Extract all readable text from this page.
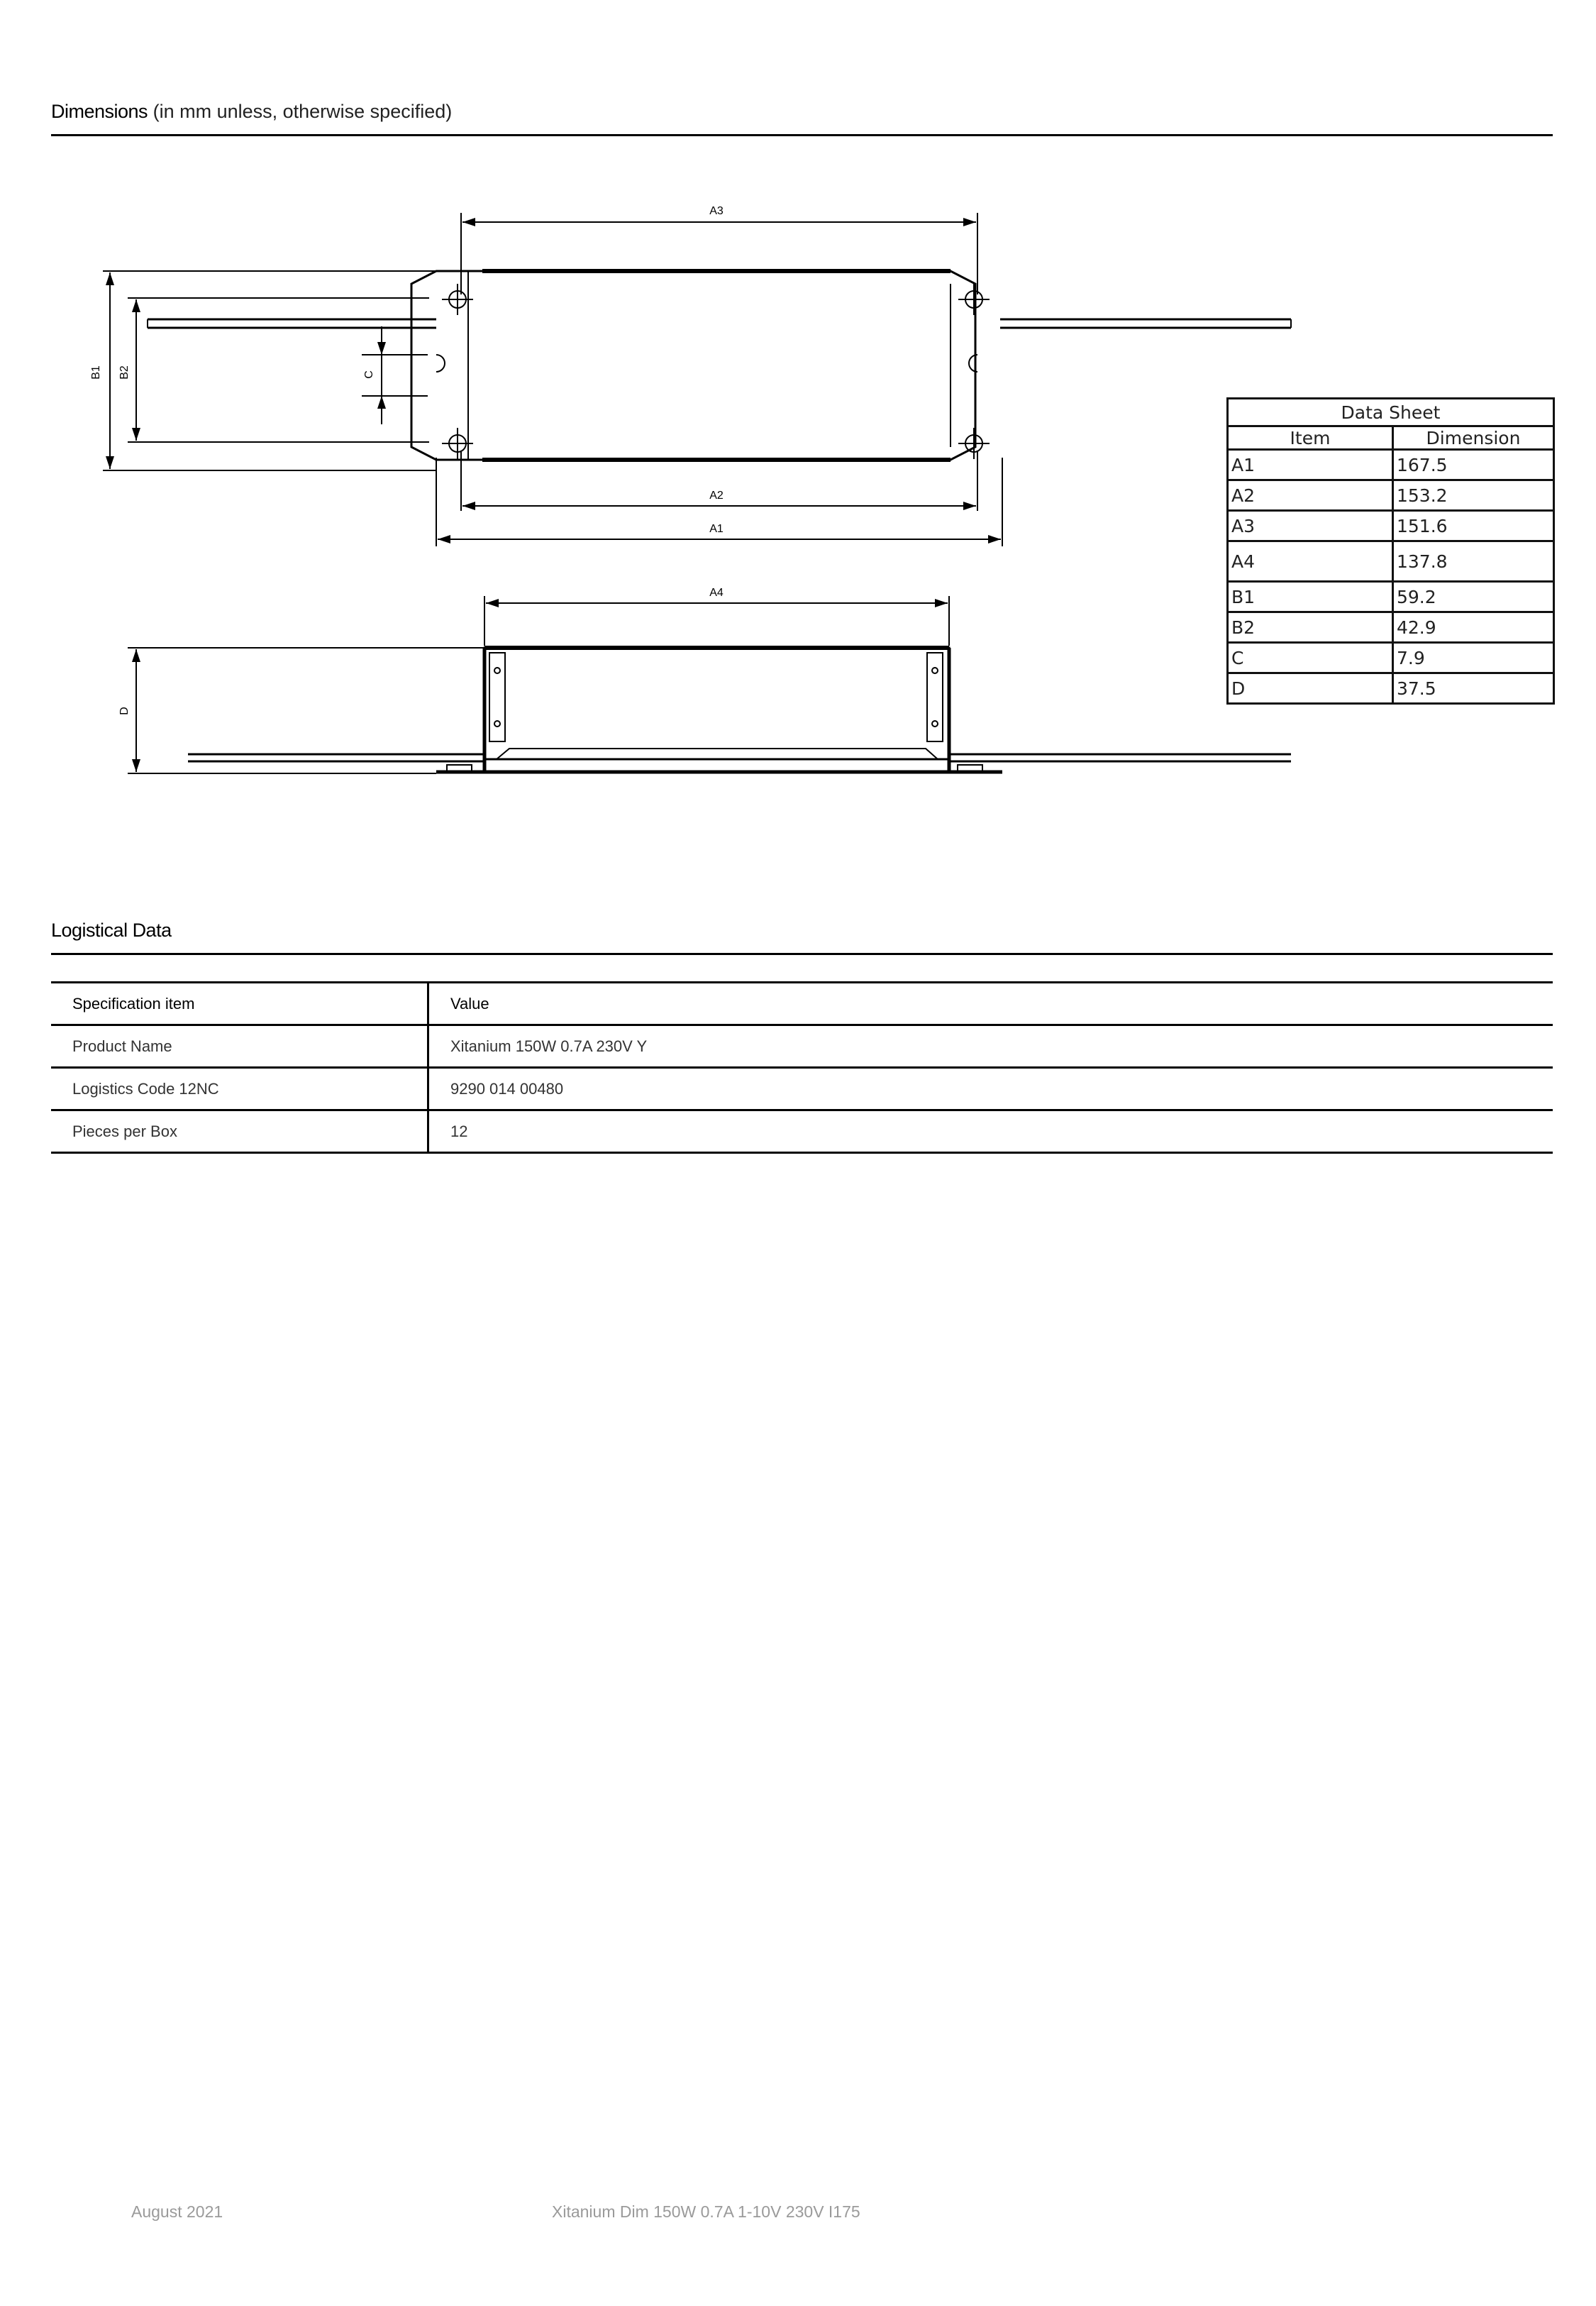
Dimensions (in mm unless, otherwise specified)
A3
A2
A1
A4
B1 B2	C
D
Data Sheet	
Item	Dimension
A1	167.5
A2	153.2
A3	151.6
A4	137.8
B1	59.2
B2	42.9
C	7.9
D	37.5
Logistical Data
Specification item	Value
Product Name	Xitanium 150W 0.7A 230V Y
Logistics Code 12NC	9290 014 00480
Pieces per Box	12
August 2021	Xitanium Dim 150W 0.7A 1-10V 230V I175
